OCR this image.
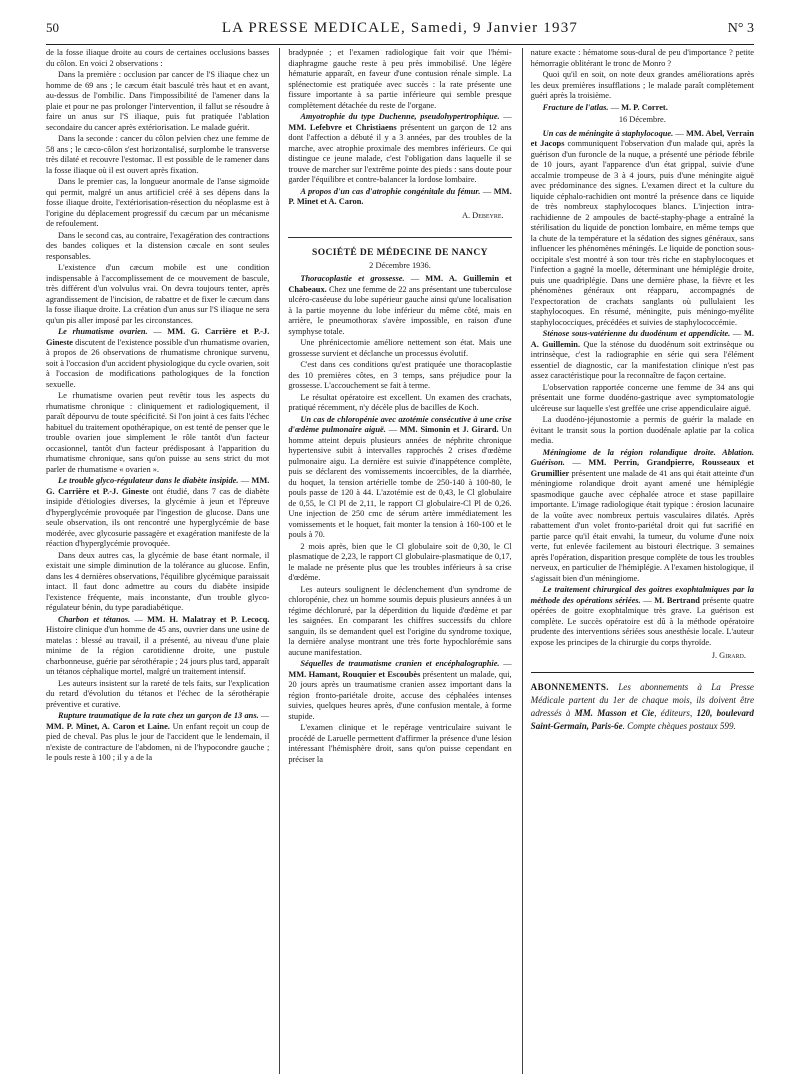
50	LA PRESSE MEDICALE, Samedi, 9 Janvier 1937	N° 3

de la fosse iliaque droite au cours de certaines occlusions basses du côlon. En voici 2 observations :

Dans la première : occlusion par cancer de l'S iliaque chez un homme de 69 ans ; le cæcum était basculé très haut et en avant, au-dessus de l'ombilic. Dans l'impossibilité de l'amener dans la plaie et pour ne pas prolonger l'intervention, il fallut se résoudre à faire un anus sur l'S iliaque, puis fut pratiquée l'ablation secondaire du cancer après extériorisation. Le malade guérit.

Dans la seconde : cancer du côlon pelvien chez une femme de 58 ans ; le cæco-côlon s'est horizontalisé, surplombe le transverse très dilaté et recouvre l'estomac. Il est possible de le ramener dans la fosse iliaque où il est ouvert après fixation.

Dans le premier cas, la longueur anormale de l'anse sigmoïde qui permit, malgré un anus artificiel créé à ses dépens dans la fosse iliaque droite, l'extériorisation-résection du néoplasme est à l'origine du déplacement progressif du cæcum par un mécanisme de refoulement.

Dans le second cas, au contraire, l'exagération des contractions des bandes coliques et la distension cæcale en sont seules responsables.

L'existence d'un cæcum mobile est une condition indispensable à l'accomplissement de ce mouvement de bascule, très différent d'un volvulus vrai. On devra toujours tenter, après agrandissement de l'incision, de rabattre et de fixer le cæcum dans la fosse iliaque droite. La création d'un anus sur l'S iliaque ne sera qu'un pis aller imposé par les circonstances.

Le rhumatisme ovarien. — MM. G. Carrière et P.-J. Gineste discutent de l'existence possible d'un rhumatisme ovarien, à propos de 26 observations de rhumatisme chronique survenu, soit à l'occasion d'un accident physiologique du cycle ovarien, soit à l'occasion de modifications pathologiques de la fonction sexuelle.

Le rhumatisme ovarien peut revêtir tous les aspects du rhumatisme chronique : cliniquement et radiologiquement, il paraît dépourvu de toute spécificité. Si l'on joint à ces faits l'échec habituel du traitement opothérapique, on est tenté de penser que le trouble ovarien joue simplement le rôle tantôt d'un facteur occasionnel, tantôt d'un facteur prédisposant à l'apparition du rhumatisme chronique, sans qu'on puisse au sens strict du mot parler de rhumatisme « ovarien ».

Le trouble glyco-régulateur dans le diabète insipide. — MM. G. Carrière et P.-J. Gineste ont étudié, dans 7 cas de diabète insipide d'étiologies diverses, la glycémie à jeun et l'épreuve d'hyperglycémie provoquée par l'ingestion de glucose. Dans une seule observation, ils ont rencontré une hyperglycémie de base modérée, avec glycosurie passagère et exagération manifeste de la réaction d'hyperglycémie provoquée.

Dans deux autres cas, la glycémie de base étant normale, il existait une simple diminution de la tolérance au glucose. Enfin, dans les 4 dernières observations, l'équilibre glycémique paraissait intact. Il faut donc admettre au cours du diabète insipide l'existence fréquente, mais inconstante, d'un trouble glyco-régulateur bénin, du type paradiabétique.

Charbon et tétanos. — MM. H. Malatray et P. Lecocq. Histoire clinique d'un homme de 45 ans, ouvrier dans une usine de matelas : blessé au travail, il a présenté, au niveau d'une plaie minime de la région carotidienne droite, une pustule charbonneuse, guérie par sérothérapie ; 24 jours plus tard, apparaît un tétanos céphalique mortel, malgré un traitement intensif.

Les auteurs insistent sur la rareté de tels faits, sur l'explication du retard d'évolution du tétanos et l'échec de la sérothérapie préventive et curative.

Rupture traumatique de la rate chez un garçon de 13 ans. — MM. P. Minet, A. Caron et Laine. Un enfant reçoit un coup de pied de cheval. Pas plus le jour de l'accident que le lendemain, il n'existe de contracture de l'abdomen, ni de l'hypocondre gauche ; le pouls reste à 100 ; il y a de la

bradypnée ; et l'examen radiologique fait voir que l'hémi-diaphragme gauche reste à peu près immobilisé. Une légère hématurie apparaît, en faveur d'une contusion rénale simple. La splénectomie est pratiquée avec succès : la rate présente une fissure importante à sa partie inférieure qui semble presque complètement détachée du reste de l'organe.

Amyotrophie du type Duchenne, pseudohypertrophique. — MM. Lefebvre et Christiaens présentent un garçon de 12 ans dont l'affection a débuté il y a 3 années, par des troubles de la marche, avec atrophie proximale des membres inférieurs. Ce qui distingue ce jeune malade, c'est l'obligation dans laquelle il se trouve de marcher sur l'extrême pointe des pieds : sans doute pour garder l'équilibre et contre-balancer la lordose lombaire.

A propos d'un cas d'atrophie congénitale du fémur. — MM. P. Minet et A. Caron.

A. Debeyre.

SOCIÉTÉ DE MÉDECINE DE NANCY

2 Décembre 1936.

Thoracoplastie et grossesse. — MM. A. Guillemin et Chabeaux. Chez une femme de 22 ans présentant une tuberculose ulcéro-caséeuse du lobe supérieur gauche ainsi qu'une localisation à la partie moyenne du lobe inférieur du même côté, mais en arrière, le pneumothorax s'avère impossible, en raison d'une symphyse totale.

Une phrénicectomie améliore nettement son état. Mais une grossesse survient et déclanche un processus évolutif.

C'est dans ces conditions qu'est pratiquée une thoracoplastie des 10 premières côtes, en 3 temps, sans préjudice pour la grossesse. L'accouchement se fait à terme.

Le résultat opératoire est excellent. Un examen des crachats, pratiqué récemment, n'y décèle plus de bacilles de Koch.

Un cas de chloropénie avec azotémie consécutive à une crise d'œdème pulmonaire aiguë. — MM. Simonin et J. Girard. Un homme atteint depuis plusieurs années de néphrite chronique hypertensive subit à intervalles rapprochés 2 crises d'œdème pulmonaire aigu. La dernière est suivie d'inappétence complète, puis se déclarent des vomissements incoercibles, de la diarrhée, du hoquet, la tension artérielle tombe de 250-140 à 100-80, le pouls passe de 120 à 44. L'azotémie est de 0,43, le Cl globulaire de 0,55, le Cl Pl de 2,11, le rapport Cl globulaire-Cl Pl de 0,26. Une injection de 250 cmc de sérum artère immédiatement les vomissements et le hoquet, fait monter la tension à 160-100 et le pouls à 70.

2 mois après, bien que le Cl globulaire soit de 0,30, le Cl plasmatique de 2,23, le rapport Cl globulaire-plasmatique de 0,17, le malade ne présente plus que les troubles inférieurs à sa crise d'œdème.

Les auteurs soulignent le déclenchement d'un syndrome de chloropénie, chez un homme soumis depuis plusieurs années à un régime déchloruré, par la déperdition du liquide d'œdème et par les saignées. En comparant les chiffres successifs du chlore sanguin, ils se demandent quel est l'origine du syndrome toxique, la dernière analyse montrant une très forte hypochlorémie sans aucune manifestation.

Séquelles de traumatisme cranien et encéphalographie. — MM. Hamant, Rouquier et Escoubès présentent un malade, qui, 20 jours après un traumatisme cranien assez important dans la région fronto-pariétale droite, accuse des céphalées intenses suivies, quelques heures après, d'une confusion mentale, à forme stupide.

L'examen clinique et le repérage ventriculaire suivant le procédé de Laruelle permettent d'affirmer la présence d'une lésion intéressant l'hémisphère droit, sans qu'on puisse cependant en préciser la

nature exacte : hématome sous-dural de peu d'importance ? petite hémorragie oblitérant le tronc de Monro ?

Quoi qu'il en soit, on note deux grandes améliorations après les deux premières insufflations ; le malade paraît complètement guéri après la troisième.

Fracture de l'atlas. — M. P. Corret.

16 Décembre.

Un cas de méningite à staphylocoque. — MM. Abel, Verrain et Jacops communiquent l'observation d'un malade qui, après la guérison d'un furoncle de la nuque, a présenté une période fébrile de 10 jours, ayant l'apparence d'un état grippal, suivie d'une accalmie trompeuse de 3 à 4 jours, puis d'une méningite aiguë avec prédominance des signes. L'examen direct et la culture du liquide céphalo-rachidien ont montré la présence dans ce liquide de très nombreux staphylocoques blancs. L'injection intra-rachidienne de 2 ampoules de bacté-staphy-phage a entraîné la stérilisation du liquide de ponction lombaire, en même temps que la chute de la température et la sédation des signes généraux, sans influencer les phénomènes méningés. Le liquide de ponction sous-occipitale s'est montré à son tour très riche en staphylocoques et l'infection a gagné la moelle, déterminant une hémiplégie droite, puis une quadriplégie. Dans une dernière phase, la fièvre et les phénomènes généraux ont réapparu, accompagnés de l'expectoration de crachats sanglants où pullulaient les staphylocoques. En résumé, méningite, puis méningo-myélite staphylococciques, précédées et suivies de staphylococcémie.

Sténose sous-vatérienne du duodénum et appendicite. — M. A. Guillemin. Que la sténose du duodénum soit extrinsèque ou intrinsèque, c'est la radiographie en série qui sera l'élément essentiel de diagnostic, car la manifestation clinique n'est pas assez caractéristique pour la reconnaître de façon certaine.

L'observation rapportée concerne une femme de 34 ans qui présentait une forme duodéno-gastrique avec symptomatologie ulcéreuse sur laquelle s'est greffée une crise appendiculaire aiguë.

La duodéno-jéjunostomie a permis de guérir la malade en évitant le transit sous la portion duodénale aplatie par la colica media.

Méningiome de la région rolandique droite. Ablation. Guérison. — MM. Perrin, Grandpierre, Rousseaux et Grumillier présentent une malade de 41 ans qui était atteinte d'un méningiome rolandique droit ayant amené une hémiplégie spasmodique gauche avec céphalée atroce et stase papillaire importante. L'image radiologique était typique : érosion lacunaire de la voûte avec nombreux pertuis vasculaires dilatés. Après rabattement d'un volet fronto-pariétal droit qui fut sacrifié en partie parce qu'il était envahi, la tumeur, du volume d'une noix verte, fut enlevée facilement au bistouri électrique. 3 semaines après l'opération, disparition presque complète de tous les troubles nerveux, en particulier de l'hémiplégie. A l'examen histologique, il s'agissait bien d'un méningiome.

Le traitement chirurgical des goitres exophtalmiques par la méthode des opérations sériées. — M. Bertrand présente quatre opérées de goitre exophtalmique très grave. La guérison est complète. Le succès opératoire est dû à la méthode opératoire prudente des interventions sériées sous anesthésie locale. L'auteur expose les principes de la chirurgie du corps thyroïde.

J. Girard.

ABONNEMENTS. Les abonnements à La Presse Médicale partent du 1er de chaque mois, ils doivent être adressés à MM. Masson et Cie, éditeurs, 120, boulevard Saint-Germain, Paris-6e. Compte chèques postaux 599.
